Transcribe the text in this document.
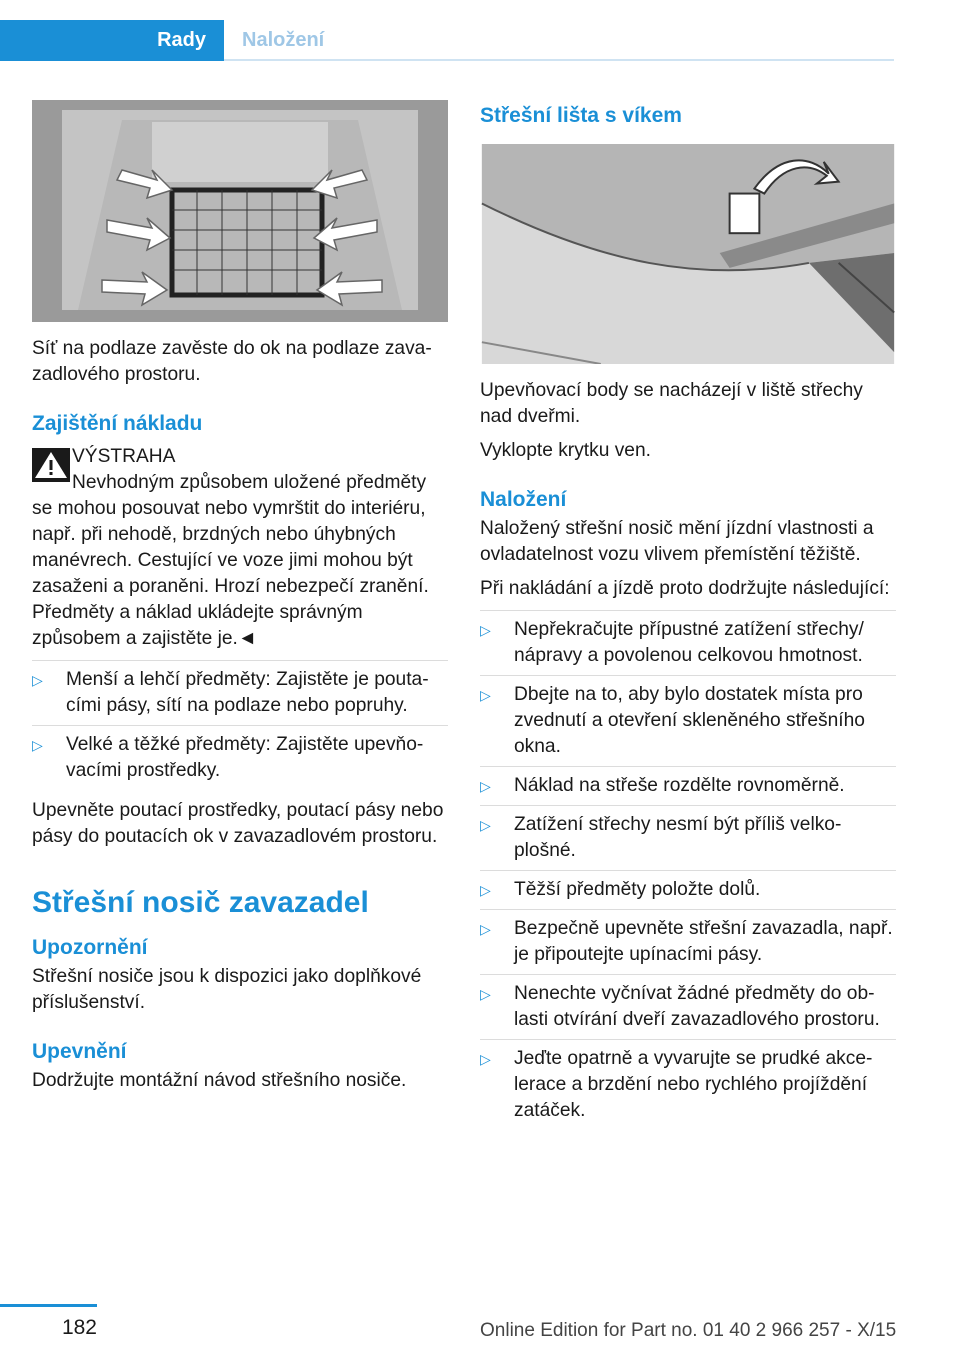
Rady	Naložení

Síť na podlaze zavěste do ok na podlaze zavazadlového prostoru.

Zajištění nákladu
VÝSTRAHA
Nevhodným způsobem uložené předměty se mohou posouvat nebo vymrštit do interiéru, např. při nehodě, brzdných nebo úhybných manévrech. Cestující ve voze jimi mohou být zasaženi a poraněni. Hrozí nebezpečí zranění. Předměty a náklad ukládejte správným způsobem a zajistěte je.◄
▷ Menší a lehčí předměty: Zajistěte je poutacími pásy, sítí na podlaze nebo popruhy.
▷ Velké a těžké předměty: Zajistěte upevňovacími prostředky.

Upevněte poutací prostředky, poutací pásy nebo pásy do poutacích ok v zavazadlovém prostoru.

Střešní nosič zavazadel
Upozornění

Střešní nosiče jsou k dispozici jako doplňkové příslušenství.

Upevnění

Dodržujte montážní návod střešního nosiče.

Střešní lišta s víkem

Upevňovací body se nacházejí v liště střechy nad dveřmi.

Vyklopte krytku ven.

Naložení

Naložený střešní nosič mění jízdní vlastnosti a ovladatelnost vozu vlivem přemístění těžiště.

Při nakládání a jízdě proto dodržujte následující:

▷ Nepřekračujte přípustné zatížení střechy/ nápravy a povolenou celkovou hmotnost.
▷ Dbejte na to, aby bylo dostatek místa pro zvednutí a otevření skleněného střešního okna.
▷ Náklad na střeše rozdělte rovnoměrně.
▷ Zatížení střechy nesmí být příliš velkoplošné.
▷ Těžší předměty položte dolů.
▷ Bezpečně upevněte střešní zavazadla, např. je připoutejte upínacími pásy.
▷ Nenechte vyčnívat žádné předměty do oblasti otvírání dveří zavazadlového prostoru.
▷ Jeďte opatrně a vyvarujte se prudké akcelerace a brzdění nebo rychlého projíždění zatáček.
182	Online Edition for Part no. 01 40 2 966 257 - X/15
